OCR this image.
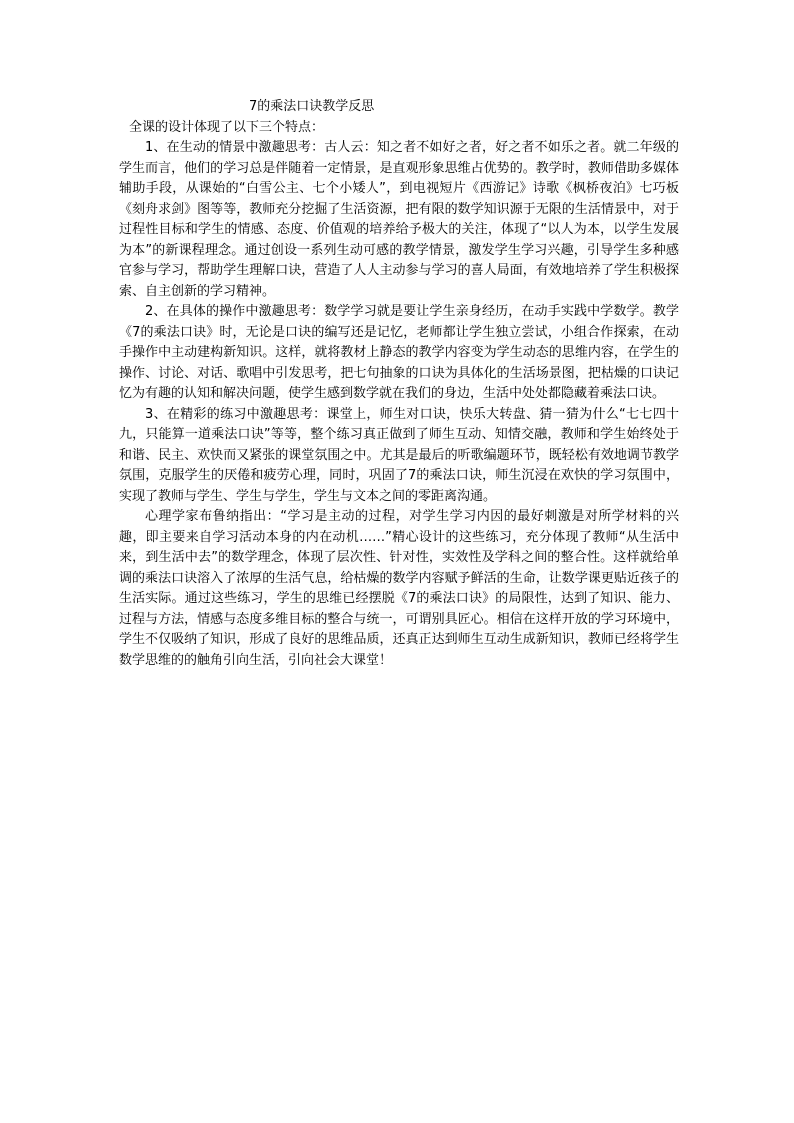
7的乘法口诀教学反思

全课的设计体现了以下三个特点：

1、在生动的情景中激趣思考：古人云：知之者不如好之者，好之者不如乐之者。就二年级的学生而言，他们的学习总是伴随着一定情景，是直观形象思维占优势的。教学时，教师借助多媒体辅助手段，从课始的“白雪公主、七个小矮人”，到电视短片《西游记》诗歌《枫桥夜泊》七巧板《刻舟求剑》图等等，教师充分挖掘了生活资源，把有限的数学知识源于无限的生活情景中，对于过程性目标和学生的情感、态度、价值观的培养给予极大的关注，体现了“以人为本，以学生发展为本”的新课程理念。通过创设一系列生动可感的教学情景，激发学生学习兴趣，引导学生多种感官参与学习，帮助学生理解口诀，营造了人人主动参与学习的喜人局面，有效地培养了学生积极探索、自主创新的学习精神。

2、在具体的操作中激趣思考：数学学习就是要让学生亲身经历，在动手实践中学数学。教学《7的乘法口诀》时，无论是口诀的编写还是记忆，老师都让学生独立尝试，小组合作探索，在动手操作中主动建构新知识。这样，就将教材上静态的教学内容变为学生动态的思维内容，在学生的操作、讨论、对话、歌唱中引发思考，把七句抽象的口诀为具体化的生活场景图，把枯燥的口诀记忆为有趣的认知和解决问题，使学生感到数学就在我们的身边，生活中处处都隐藏着乘法口诀。

3、在精彩的练习中激趣思考：课堂上，师生对口诀，快乐大转盘、猜一猜为什么“七七四十九，只能算一道乘法口诀”等等，整个练习真正做到了师生互动、知情交融，教师和学生始终处于和谐、民主、欢快而又紧张的课堂氛围之中。尤其是最后的听歌编题环节，既轻松有效地调节教学氛围，克服学生的厌倦和疲劳心理，同时，巩固了7的乘法口诀，师生沉浸在欢快的学习氛围中，实现了教师与学生、学生与学生，学生与文本之间的零距离沟通。

心理学家布鲁纳指出：“学习是主动的过程，对学生学习内因的最好刺激是对所学材料的兴趣，即主要来自学习活动本身的内在动机……”精心设计的这些练习，充分体现了教师“从生活中来，到生活中去”的数学理念，体现了层次性、针对性，实效性及学科之间的整合性。这样就给单调的乘法口诀溶入了浓厚的生活气息，给枯燥的数学内容赋予鲜活的生命，让数学课更贴近孩子的生活实际。通过这些练习，学生的思维已经摆脱《7的乘法口诀》的局限性，达到了知识、能力、过程与方法，情感与态度多维目标的整合与统一，可谓别具匠心。相信在这样开放的学习环境中，学生不仅吸纳了知识，形成了良好的思维品质，还真正达到师生互动生成新知识，教师已经将学生数学思维的的触角引向生活，引向社会大课堂！
